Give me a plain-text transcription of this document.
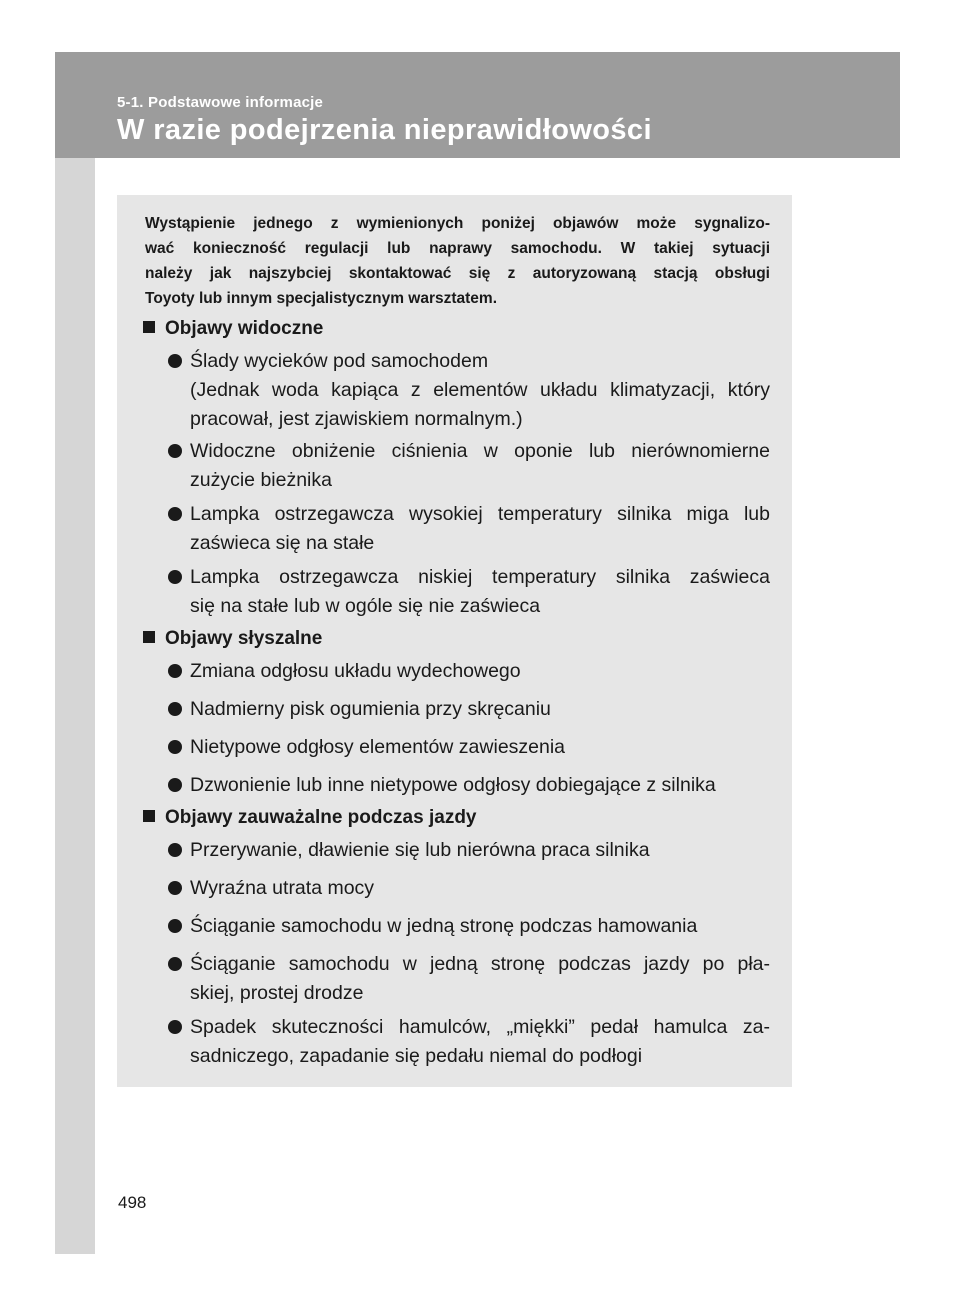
5-1. Podstawowe informacje
W razie podejrzenia nieprawidłowości
Wystąpienie jednego z wymienionych poniżej objawów może sygnalizo-
wać konieczność regulacji lub naprawy samochodu. W takiej sytuacji
należy jak najszybciej skontaktować się z autoryzowaną stacją obsługi
Toyoty lub innym specjalistycznym warsztatem.
Objawy widoczne
Ślady wycieków pod samochodem
(Jednak woda kapiąca z elementów układu klimatyzacji, który
pracował, jest zjawiskiem normalnym.)
Widoczne obniżenie ciśnienia w oponie lub nierównomierne
zużycie bieżnika
Lampka ostrzegawcza wysokiej temperatury silnika miga lub
zaświeca się na stałe
Lampka ostrzegawcza niskiej temperatury silnika zaświeca
się na stałe lub w ogóle się nie zaświeca
Objawy słyszalne
Zmiana odgłosu układu wydechowego
Nadmierny pisk ogumienia przy skręcaniu
Nietypowe odgłosy elementów zawieszenia
Dzwonienie lub inne nietypowe odgłosy dobiegające z silnika
Objawy zauważalne podczas jazdy
Przerywanie, dławienie się lub nierówna praca silnika
Wyraźna utrata mocy
Ściąganie samochodu w jedną stronę podczas hamowania
Ściąganie samochodu w jedną stronę podczas jazdy po pła-
skiej, prostej drodze
Spadek skuteczności hamulców, „miękki” pedał hamulca za-
sadniczego, zapadanie się pedału niemal do podłogi
498
